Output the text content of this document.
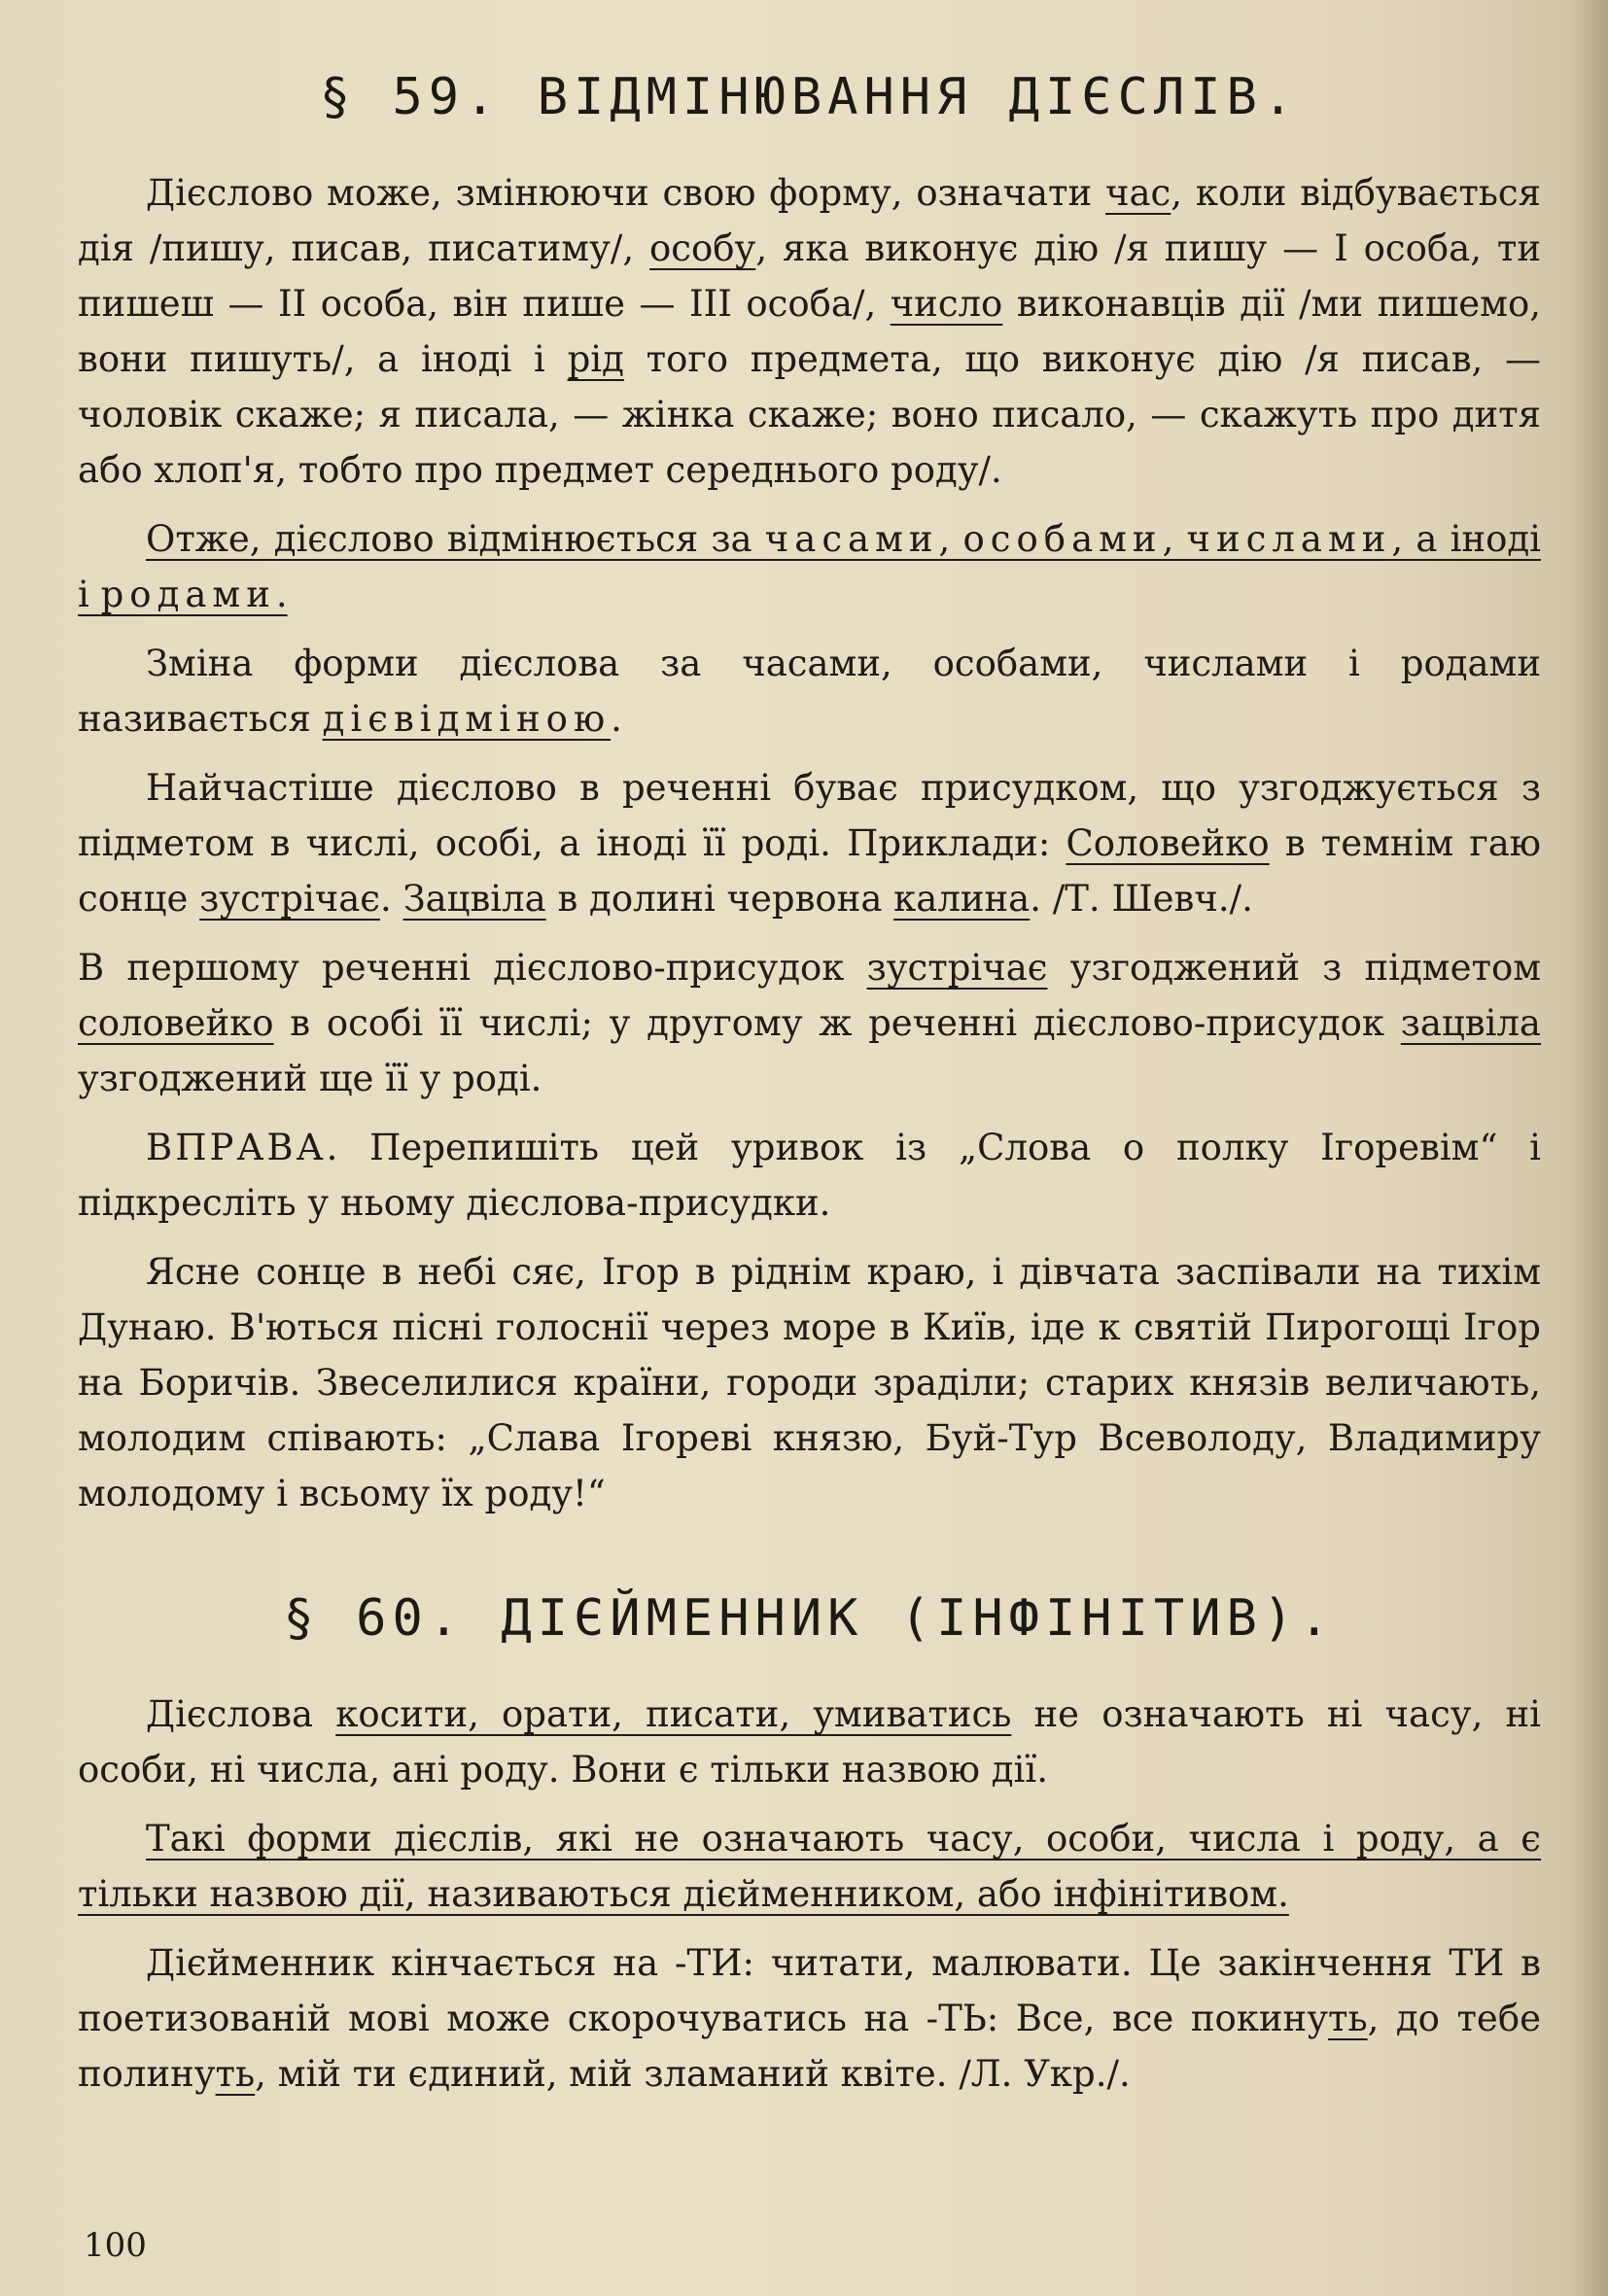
§ 59. ВІДМІНЮВАННЯ ДІЄСЛІВ.

Дієслово може, змінюючи свою форму, означати час, коли відбувається дія /пишу, писав, писатиму/, особу, яка виконує дію /я пишу — І особа, ти пишеш — II особа, він пише — III особа/, число виконавців дії /ми пишемо, вони пишуть/, а іноді і рід того предмета, що виконує дію /я писав, — чоловік скаже; я писала, — жінка скаже; воно писало, — скажуть про дитя або хлоп'я, тобто про предмет середнього роду/.

Отже, дієслово відмінюється за часами, особами, числами, а іноді і родами.

Зміна форми дієслова за часами, особами, числами і родами називається дієвідміною.

Найчастіше дієслово в реченні буває присудком, що узгоджується з підметом в числі, особі, а іноді її роді. Приклади: Соловейко в темнім гаю сонце зустрічає. Зацвіла в долині червона калина. /Т. Шевч./.

В першому реченні дієслово-присудок зустрічає узгоджений з підметом соловейко в особі її числі; у другому ж реченні дієслово-присудок зацвіла узгоджений ще її у роді.

ВПРАВА. Перепишіть цей уривок із „Слова о полку Ігоревім“ і підкресліть у ньому дієслова-присудки.

Ясне сонце в небі сяє, Ігор в ріднім краю, і дівчата заспівали на тихім Дунаю. В'ються пісні голоснії через море в Київ, іде к святій Пирогощі Ігор на Боричів. Звеселилися країни, городи зраділи; старих князів величають, молодим співають: „Слава Ігореві князю, Буй-Тур Всеволоду, Владимиру молодому і всьому їх роду!“

§ 60. ДІЄЙМЕННИК (ІНФІНІТИВ).

Дієслова косити, орати, писати, умиватись не означають ні часу, ні особи, ні числа, ані роду. Вони є тільки назвою дії.

Такі форми дієслів, які не означають часу, особи, числа і роду, а є тільки назвою дії, називаються дієйменником, або інфінітивом.

Дієйменник кінчається на -ТИ: читати, малювати. Це закінчення ТИ в поетизованій мові може скорочуватись на -ТЬ: Все, все покинуть, до тебе полинуть, мій ти єдиний, мій зламаний квіте. /Л. Укр./.

100
